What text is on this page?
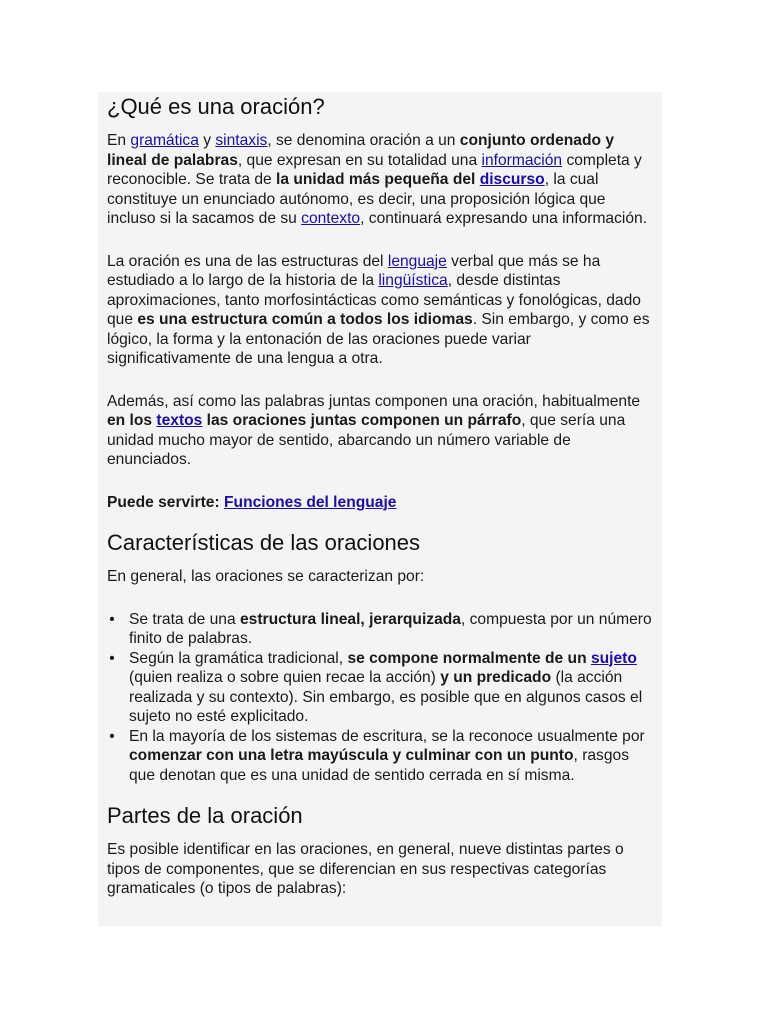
¿Qué es una oración?

En gramática y sintaxis, se denomina oración a un conjunto ordenado y lineal de palabras, que expresan en su totalidad una información completa y reconocible. Se trata de la unidad más pequeña del discurso, la cual constituye un enunciado autónomo, es decir, una proposición lógica que incluso si la sacamos de su contexto, continuará expresando una información.

La oración es una de las estructuras del lenguaje verbal que más se ha estudiado a lo largo de la historia de la lingüística, desde distintas aproximaciones, tanto morfosintácticas como semánticas y fonológicas, dado que es una estructura común a todos los idiomas. Sin embargo, y como es lógico, la forma y la entonación de las oraciones puede variar significativamente de una lengua a otra.

Además, así como las palabras juntas componen una oración, habitualmente en los textos las oraciones juntas componen un párrafo, que sería una unidad mucho mayor de sentido, abarcando un número variable de enunciados.

Puede servirte: Funciones del lenguaje

Características de las oraciones

En general, las oraciones se caracterizan por:

• Se trata de una estructura lineal, jerarquizada, compuesta por un número finito de palabras.
• Según la gramática tradicional, se compone normalmente de un sujeto (quien realiza o sobre quien recae la acción) y un predicado (la acción realizada y su contexto). Sin embargo, es posible que en algunos casos el sujeto no esté explicitado.
• En la mayoría de los sistemas de escritura, se la reconoce usualmente por comenzar con una letra mayúscula y culminar con un punto, rasgos que denotan que es una unidad de sentido cerrada en sí misma.
Partes de la oración

Es posible identificar en las oraciones, en general, nueve distintas partes o tipos de componentes, que se diferencian en sus respectivas categorías gramaticales (o tipos de palabras):
